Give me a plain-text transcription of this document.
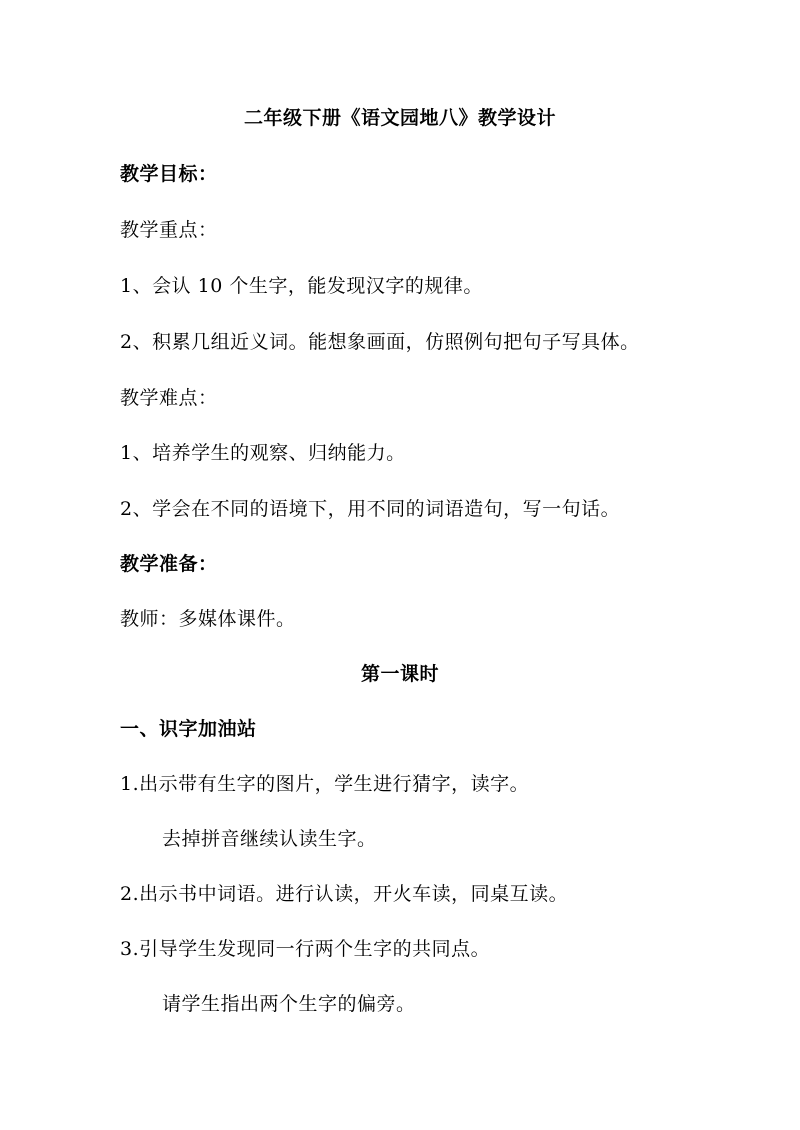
二年级下册《语文园地八》教学设计
教学目标：
教学重点：
1、会认 10 个生字，能发现汉字的规律。
2、积累几组近义词。能想象画面，仿照例句把句子写具体。
教学难点：
1、培养学生的观察、归纳能力。
2、学会在不同的语境下，用不同的词语造句，写一句话。
教学准备：
教师：多媒体课件。
第一课时
一、识字加油站
1.出示带有生字的图片，学生进行猜字，读字。
去掉拼音继续认读生字。
2.出示书中词语。进行认读，开火车读，同桌互读。
3.引导学生发现同一行两个生字的共同点。
请学生指出两个生字的偏旁。
